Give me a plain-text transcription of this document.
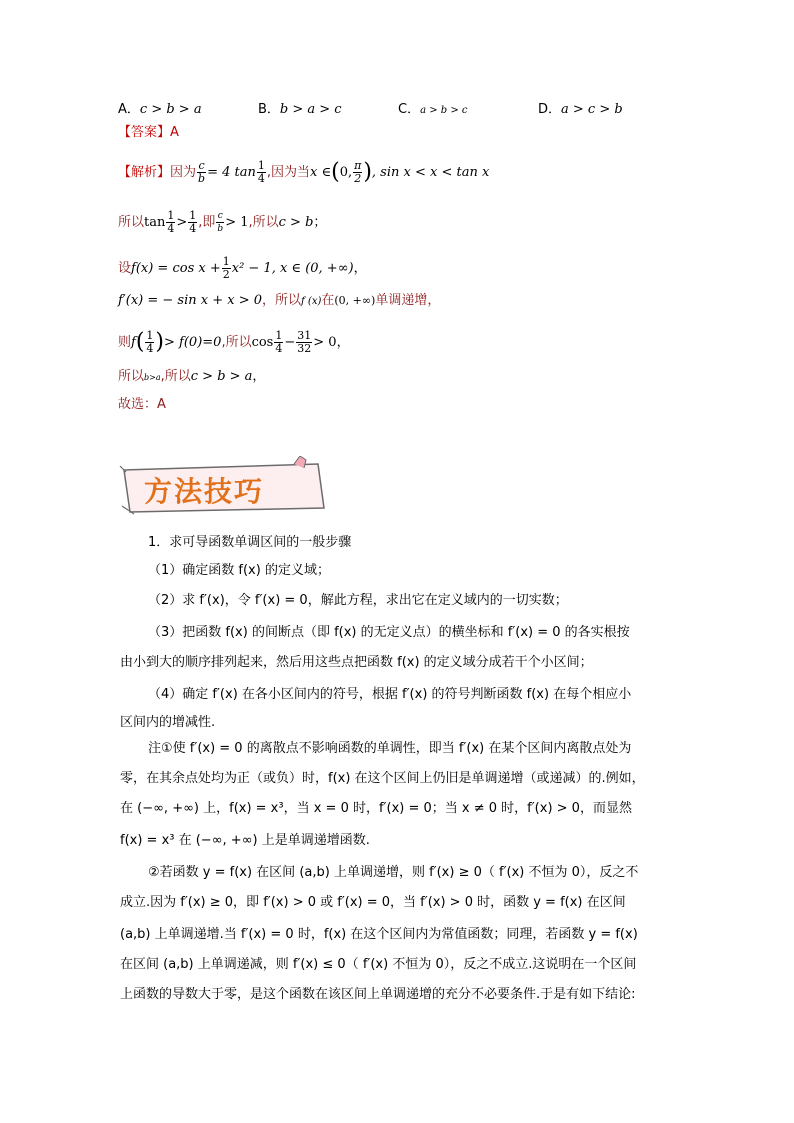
A．c > b > a	B．b > a > c	C．a > b > c	D．a > c > b
【答案】A
【解析】因为 $\frac{c}{b} = 4$ $\tan \frac{1}{4}$ ,因为当x ∈(0, $\frac{\pi}{2}$ ), sin x < x < tan x
所以$\tan \frac{1}{4} > \frac{1}{4}$ ,即 $\frac{c}{b} > 1$,所以c > b；
设$f(x) = \cos x + \frac{1}{2} x^2 - 1$, x ∈ (0, +∞)，
f′(x) = − sin x + x > 0，所以f (x)在(0, +∞)单调递增，
则$f( \frac{1}{4}$ )> f(0)=0,所以$\cos \frac{1}{4} - \frac{31}{32} > 0$，
所以b>a,所以c > b > a，
故选：A
方法技巧
1．求可导函数单调区间的一般步骤
（1）确定函数 f(x) 的定义域；
（2）求 f′(x)，令 f′(x) = 0，解此方程，求出它在定义域内的一切实数；
（3）把函数 f(x) 的间断点（即 f(x) 的无定义点）的横坐标和 f′(x) = 0 的各实根按
由小到大的顺序排列起来，然后用这些点把函数 f(x) 的定义域分成若干个小区间；
（4）确定 f′(x) 在各小区间内的符号，根据 f′(x) 的符号判断函数 f(x) 在每个相应小
区间内的增减性.
注①使 f′(x) = 0 的离散点不影响函数的单调性，即当 f′(x) 在某个区间内离散点处为
零，在其余点处均为正（或负）时，f(x) 在这个区间上仍旧是单调递增（或递减）的.例如，
在 (−∞, +∞) 上，f(x) = x³，当 x = 0 时，f′(x) = 0；当 x ≠ 0 时，f′(x) > 0，而显然
f(x) = x³ 在 (−∞, +∞) 上是单调递增函数.
②若函数 y = f(x) 在区间 (a,b) 上单调递增，则 f′(x) ≥ 0（ f′(x) 不恒为 0），反之不
成立.因为 f′(x) ≥ 0，即 f′(x) > 0 或 f′(x) = 0，当 f′(x) > 0 时，函数 y = f(x) 在区间
(a,b) 上单调递增.当 f′(x) = 0 时，f(x) 在这个区间内为常值函数；同理，若函数 y = f(x)
在区间 (a,b) 上单调递减，则 f′(x) ≤ 0（ f′(x) 不恒为 0），反之不成立.这说明在一个区间
上函数的导数大于零，是这个函数在该区间上单调递增的充分不必要条件.于是有如下结论:
